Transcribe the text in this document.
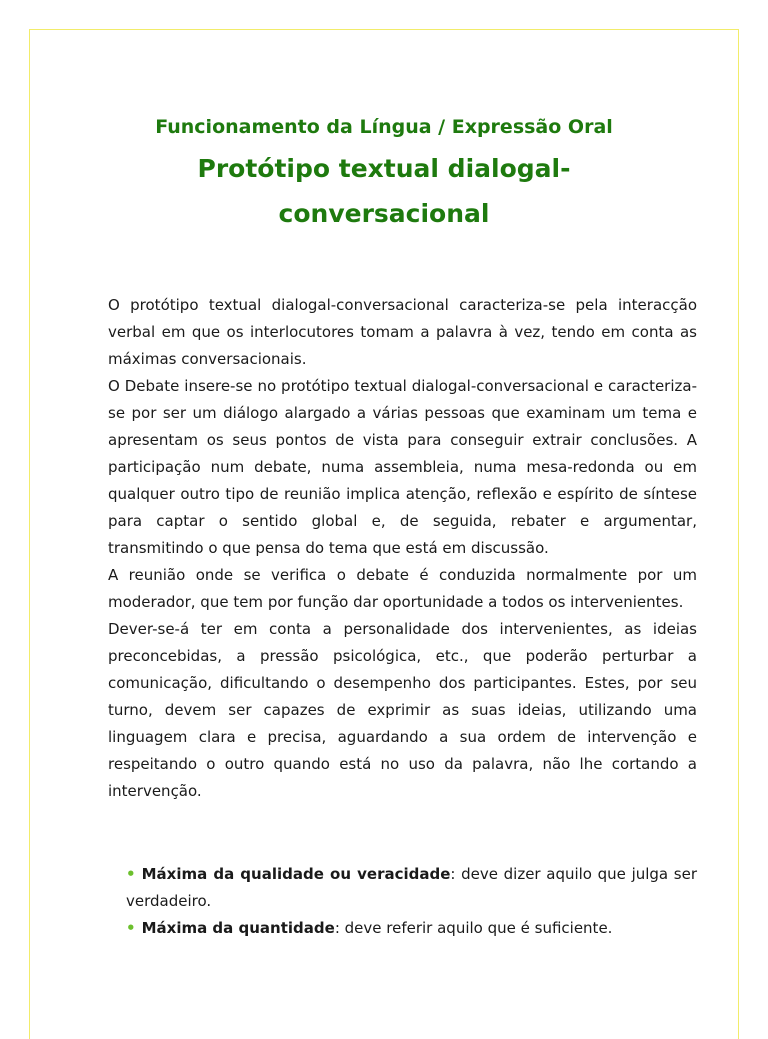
Funcionamento da Língua / Expressão Oral
Protótipo textual dialogal-conversacional

O protótipo textual dialogal-conversacional caracteriza-se pela interacção verbal em que os interlocutores tomam a palavra à vez, tendo em conta as máximas conversacionais.

O Debate insere-se no protótipo textual dialogal-conversacional e caracteriza-se por ser um diálogo alargado a várias pessoas que examinam um tema e apresentam os seus pontos de vista para conseguir extrair conclusões. A participação num debate, numa assembleia, numa mesa-redonda ou em qualquer outro tipo de reunião implica atenção, reflexão e espírito de síntese para captar o sentido global e, de seguida, rebater e argumentar, transmitindo o que pensa do tema que está em discussão.

A reunião onde se verifica o debate é conduzida normalmente por um moderador, que tem por função dar oportunidade a todos os intervenientes.

Dever-se-á ter em conta a personalidade dos intervenientes, as ideias preconcebidas, a pressão psicológica, etc., que poderão perturbar a comunicação, dificultando o desempenho dos participantes. Estes, por seu turno, devem ser capazes de exprimir as suas ideias, utilizando uma linguagem clara e precisa, aguardando a sua ordem de intervenção e respeitando o outro quando está no uso da palavra, não lhe cortando a intervenção.

• Máxima da qualidade ou veracidade: deve dizer aquilo que julga ser verdadeiro.
• Máxima da quantidade: deve referir aquilo que é suficiente.
